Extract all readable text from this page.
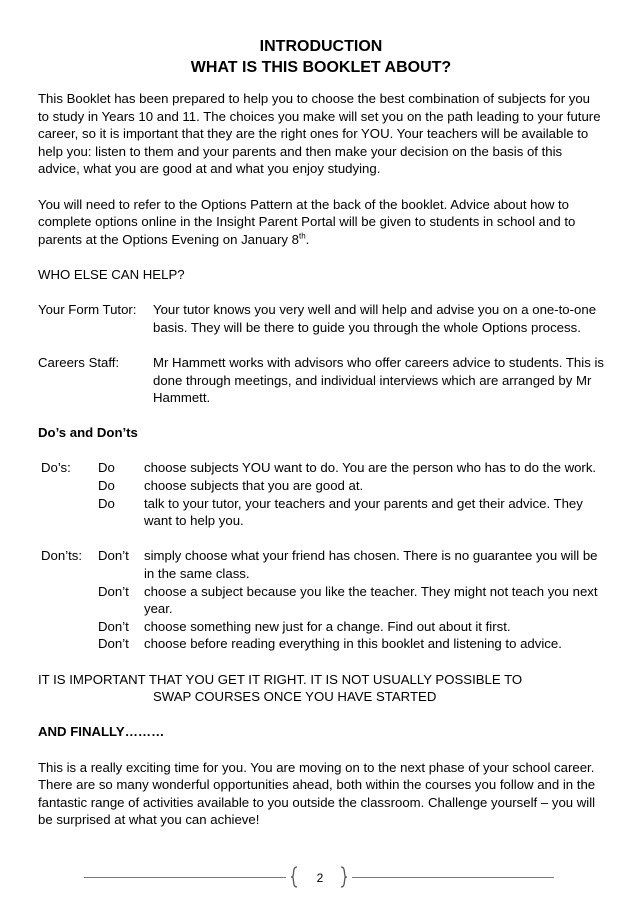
INTRODUCTION

WHAT IS THIS BOOKLET ABOUT?

This Booklet has been prepared to help you to choose the best combination of subjects for you to study in Years 10 and 11. The choices you make will set you on the path leading to your future career, so it is important that they are the right ones for YOU. Your teachers will be available to help you: listen to them and your parents and then make your decision on the basis of this advice, what you are good at and what you enjoy studying.

You will need to refer to the Options Pattern at the back of the booklet. Advice about how to complete options online in the Insight Parent Portal will be given to students in school and to parents at the Options Evening on January 8th.

WHO ELSE CAN HELP?

Your Form Tutor:	Your tutor knows you very well and will help and advise you on a one-to-one basis. They will be there to guide you through the whole Options process.
Careers Staff:	Mr Hammett works with advisors who offer careers advice to students. This is done through meetings, and individual interviews which are arranged by Mr Hammett.

Do’s and Don’ts

Do’s:	Do	choose subjects YOU want to do. You are the person who has to do the work.
Do	choose subjects that you are good at.
Do	talk to your tutor, your teachers and your parents and get their advice. They want to help you.
Don’ts:	Don’t	simply choose what your friend has chosen. There is no guarantee you will be in the same class.
Don’t	choose a subject because you like the teacher. They might not teach you next year.
Don’t	choose something new just for a change. Find out about it first.
Don’t	choose before reading everything in this booklet and listening to advice.

IT IS IMPORTANT THAT YOU GET IT RIGHT. IT IS NOT USUALLY POSSIBLE TO

SWAP COURSES ONCE YOU HAVE STARTED

AND FINALLY………

This is a really exciting time for you. You are moving on to the next phase of your school career. There are so many wonderful opportunities ahead, both within the courses you follow and in the fantastic range of activities available to you outside the classroom. Challenge yourself – you will be surprised at what you can achieve!

2
